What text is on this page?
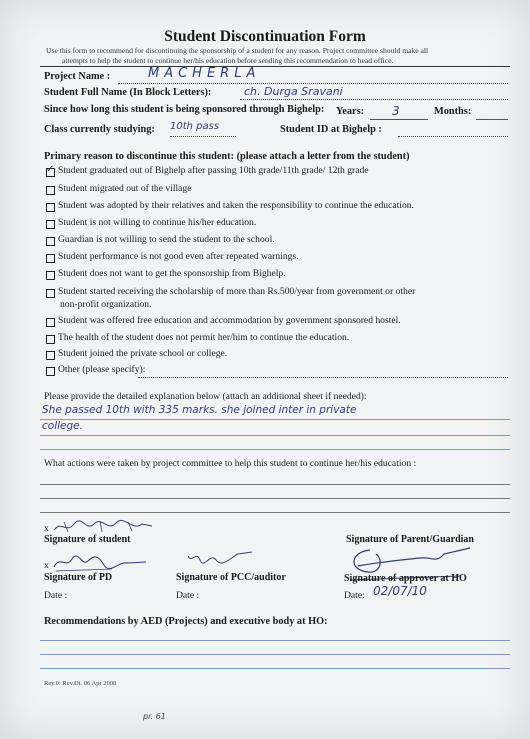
Student Discontinuation Form
Use this form to recommend for discontinuing the sponsorship of a student for any reason. Project committee should make all
attempts to help the student to continue her/his education before sending this recommendation to head office.
Project Name :	MACHERLA
Student Full Name (In Block Letters):	ch. Durga Sravani
Since how long this student is being sponsored through Bighelp: Years: 3	Months:
Class currently studying: 10th pass	Student ID at Bighelp :
Primary reason to discontinue this student: (please attach a letter from the student)
✓
Student graduated out of Bighelp after passing 10th grade/11th grade/ 12th grade
Student migrated out of the village
Student was adopted by their relatives and taken the responsibility to continue the education.
Student is not willing to continue his/her education.
Guardian is not willing to send the student to the school.
Student performance is not good even after repeated warnings.
Student does not want to get the sponsorship from Bighelp.
Student started receiving the scholarship of more than Rs.500/year from government or other
non-profit organization.
Student was offered free education and accommodation by government sponsored hostel.
The health of the student does not permit her/him to continue the education.
Student joined the private school or college.
Other (please specify):
Please provide the detailed explanation below (attach an additional sheet if needed):
She passed 10th with 335 marks. she joined inter in private
college.
What actions were taken by project committee to help this student to continue her/his education :
x
Signature of student	Signature of Parent/Guardian
x
Signature of PD	Signature of PCC/auditor	Signature of approver at HO
Date :	Date :	Date: 02/07/10
Recommendations by AED (Projects) and executive body at HO:
Rev.0: Rev.Dt. 06 Apr 2008
pr. 61
